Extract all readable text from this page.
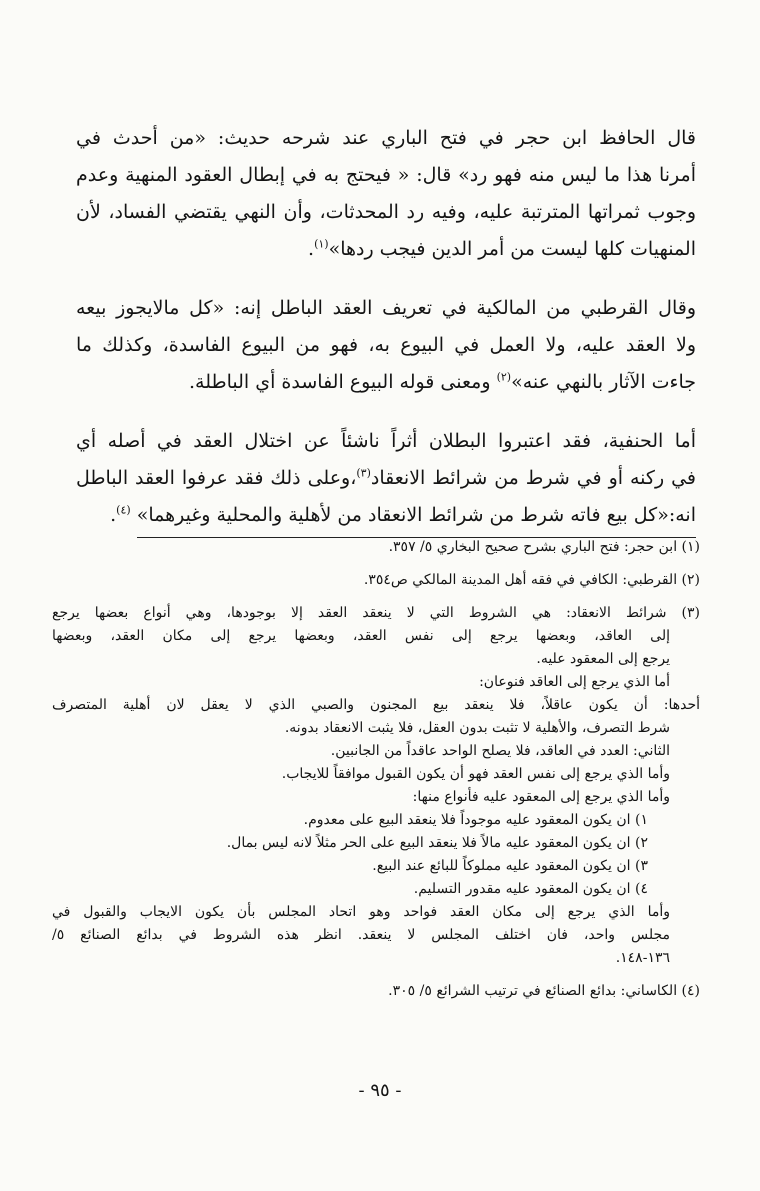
قال الحافظ ابن حجر في فتح الباري عند شرحه حديث: «من أحدث في
أمرنا هذا ما ليس منه فهو رد» قال: « فيحتج به في إبطال العقود المنهية وعدم
وجوب ثمراتها المترتبة عليه، وفيه رد المحدثات، وأن النهي يقتضي الفساد، لأن
المنهيات كلها ليست من أمر الدين فيجب ردها»$^{(١)}$.

وقال القرطبي من المالكية في تعريف العقد الباطل إنه: «كل مالايجوز بيعه
ولا العقد عليه، ولا العمل في البيوع به، فهو من البيوع الفاسدة، وكذلك ما
جاءت الآثار بالنهي عنه»$^{(٢)}$ ومعنى قوله البيوع الفاسدة أي الباطلة.

أما الحنفية، فقد اعتبروا البطلان أثراً ناشئاً عن اختلال العقد في أصله أي
في ركنه أو في شرط من شرائط الانعقاد$^{(٣)}$،وعلى ذلك فقد عرفوا العقد الباطل
انه:«كل بيع فاته شرط من شرائط الانعقاد من لأهلية والمحلية وغيرهما» $^{(٤)}$.

(١) ابن حجر: فتح الباري بشرح صحيح البخاري ٥/ ٣٥٧.
(٢) القرطبي: الكافي في فقه أهل المدينة المالكي ص٣٥٤.
(٣) شرائط الانعقاد: هي الشروط التي لا ينعقد العقد إلا بوجودها، وهي أنواع بعضها يرجع
إلى العاقد، وبعضها يرجع إلى نفس العقد، وبعضها يرجع إلى مكان العقد، وبعضها
يرجع إلى المعقود عليه.
أما الذي يرجع إلى العاقد فنوعان:
أحدها: أن يكون عاقلاً، فلا ينعقد بيع المجنون والصبي الذي لا يعقل لان أهلية المتصرف
شرط التصرف، والأهلية لا تثبت بدون العقل، فلا يثبت الانعقاد بدونه.
الثاني: العدد في العاقد، فلا يصلح الواحد عاقداً من الجانبين.
وأما الذي يرجع إلى نفس العقد فهو أن يكون القبول موافقاً للايجاب.
وأما الذي يرجع إلى المعقود عليه فأنواع منها:
١) ان يكون المعقود عليه موجوداً فلا ينعقد البيع على معدوم.
٢) ان يكون المعقود عليه مالاً فلا ينعقد البيع على الحر مثلاً لانه ليس بمال.
٣) ان يكون المعقود عليه مملوكاً للبائع عند البيع.
٤) ان يكون المعقود عليه مقدور التسليم.
وأما الذي يرجع إلى مكان العقد فواحد وهو اتحاد المجلس بأن يكون الايجاب والقبول في
مجلس واحد، فان اختلف المجلس لا ينعقد. انظر هذه الشروط في بدائع الصنائع ٥/
١٣٦-١٤٨.
(٤) الكاساني: بدائع الصنائع في ترتيب الشرائع ٥/ ٣٠٥.
- ٩٥ -
